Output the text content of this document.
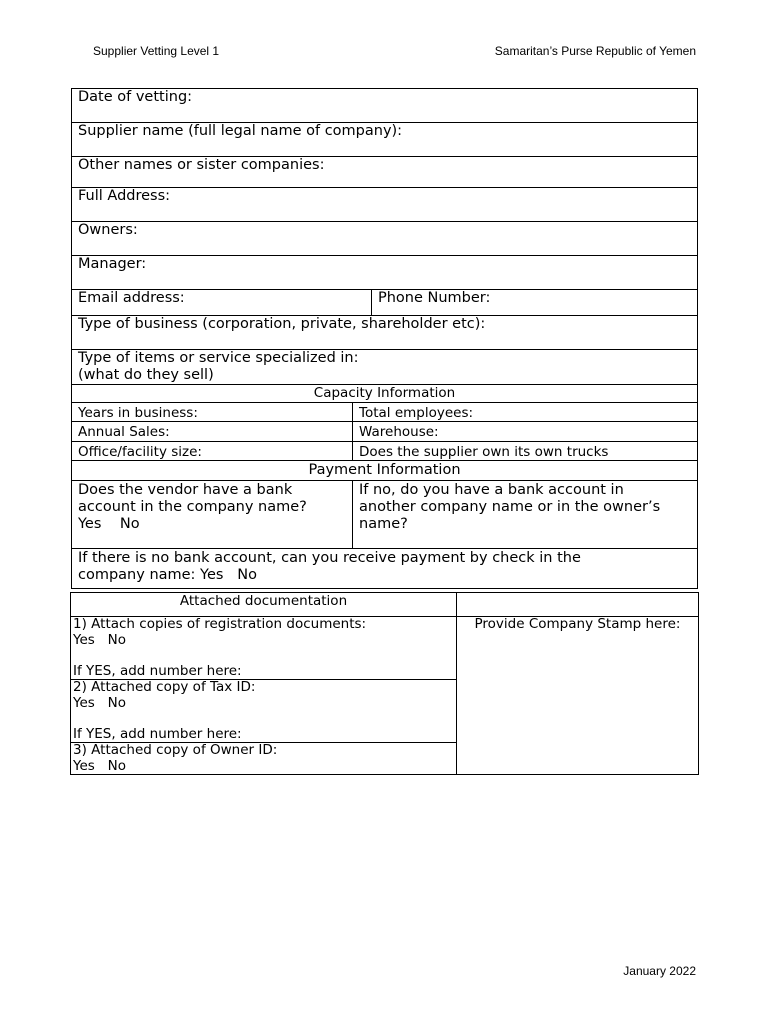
Supplier Vetting Level 1	Samaritan’s Purse Republic of Yemen
Date of vetting:		
Supplier name (full legal name of company):		
Other names or sister companies:		
Full Address:		
Owners:		
Manager:		
Email address:		Phone Number:
Type of business (corporation, private, shareholder etc):		

Type of items or service specialized in:
(what do they sell)		

Capacity Information		
Years in business:	Total employees:	
Annual Sales:	Warehouse:	
Office/facility size:	Does the supplier own its own trucks	
Payment Information		

Does the vendor have a bank
account in the company name?
Yes    No	If no, do you have a bank account in
another company name or in the owner’s
name?	

If there is no bank account, can you receive payment by check in the
company name: Yes   No		
Attached documentation	

1) Attach copies of registration documents:
Yes   No
If YES, add number here:	Provide Company Stamp here:

2) Attached copy of Tax ID:
Yes   No
If YES, add number here:	

3) Attached copy of Owner ID:
Yes   No	
January 2022
